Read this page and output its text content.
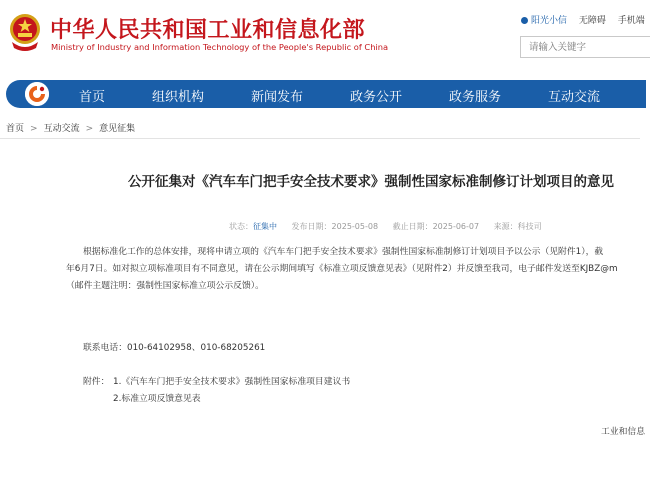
中华人民共和国工业和信息化部
Ministry of Industry and Information Technology of the People's Republic of China
阳光小信 无障碍 手机端
请输入关键字
首页	组织机构	新闻发布	政务公开	政务服务	互动交流
首页 > 互动交流 > 意见征集
公开征集对《汽车车门把手安全技术要求》强制性国家标准制修订计划项目的意见
状态：征集中 发布日期：2025-05-08 截止日期：2025-06-07 来源：科技司
根据标准化工作的总体安排，现将申请立项的《汽车车门把手安全技术要求》强制性国家标准制修订计划项目予以公示（见附件1），截
年6月7日。如对拟立项标准项目有不同意见，请在公示期间填写《标准立项反馈意见表》（见附件2）并反馈至我司，电子邮件发送至KJBZ@m
（邮件主题注明：强制性国家标准立项公示反馈）。
联系电话：010-64102958、010-68205261
附件： 1.《汽车车门把手安全技术要求》强制性国家标准项目建议书
2.标准立项反馈意见表
工业和信息
